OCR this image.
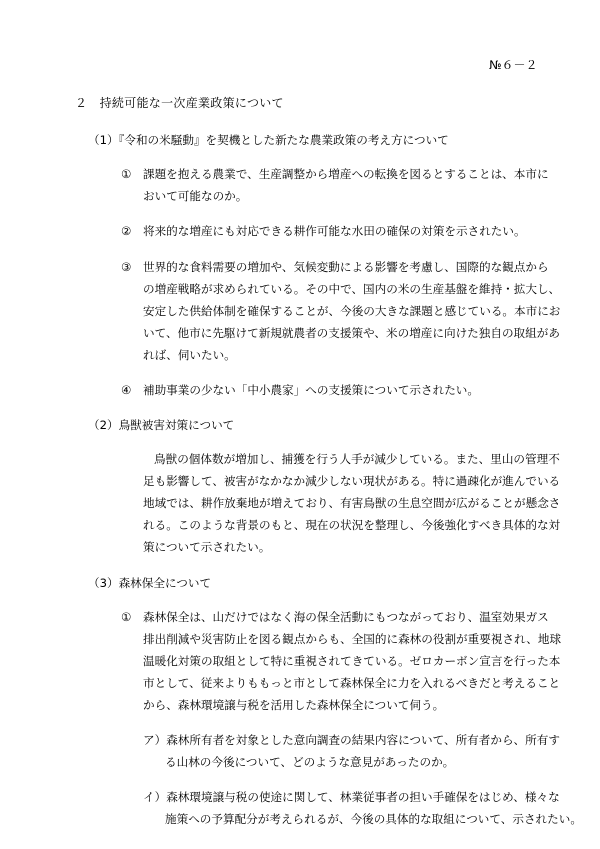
№６－２
２　持続可能な一次産業政策について
（1）『令和の米騒動』を契機とした新たな農業政策の考え方について
①　課題を抱える農業で、生産調整から増産への転換を図るとすることは、本市に
おいて可能なのか。
②　将来的な増産にも対応できる耕作可能な水田の確保の対策を示されたい。
③　世界的な食料需要の増加や、気候変動による影響を考慮し、国際的な観点から
の増産戦略が求められている。その中で、国内の米の生産基盤を維持・拡大し、
安定した供給体制を確保することが、今後の大きな課題と感じている。本市にお
いて、他市に先駆けて新規就農者の支援策や、米の増産に向けた独自の取組があ
れば、伺いたい。
④　補助事業の少ない「中小農家」への支援策について示されたい。
（2）鳥獣被害対策について
鳥獣の個体数が増加し、捕獲を行う人手が減少している。また、里山の管理不
足も影響して、被害がなかなか減少しない現状がある。特に過疎化が進んでいる
地域では、耕作放棄地が増えており、有害鳥獣の生息空間が広がることが懸念さ
れる。このような背景のもと、現在の状況を整理し、今後強化すべき具体的な対
策について示されたい。
（3）森林保全について
①　森林保全は、山だけではなく海の保全活動にもつながっており、温室効果ガス
排出削減や災害防止を図る観点からも、全国的に森林の役割が重要視され、地球
温暖化対策の取組として特に重視されてきている。ゼロカーボン宣言を行った本
市として、従来よりももっと市として森林保全に力を入れるべきだと考えること
から、森林環境譲与税を活用した森林保全について伺う。
ア）森林所有者を対象とした意向調査の結果内容について、所有者から、所有す
る山林の今後について、どのような意見があったのか。
イ）森林環境譲与税の使途に関して、林業従事者の担い手確保をはじめ、様々な
施策への予算配分が考えられるが、今後の具体的な取組について、示されたい。
